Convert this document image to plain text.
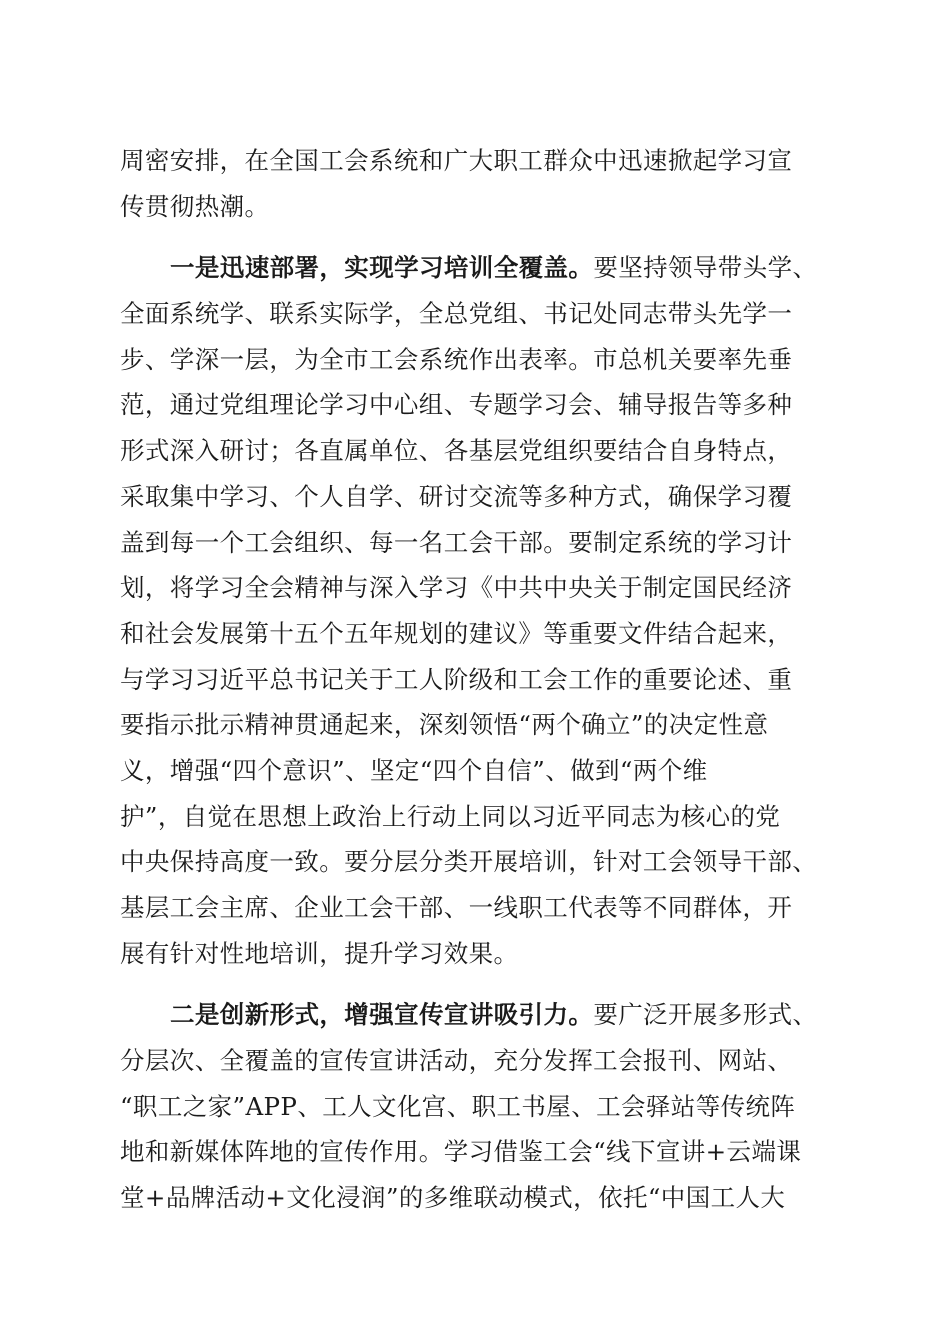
周密安排，在全国工会系统和广大职工群众中迅速掀起学习宣
传贯彻热潮。
一是迅速部署，实现学习培训全覆盖。要坚持领导带头学、
全面系统学、联系实际学，全总党组、书记处同志带头先学一
步、学深一层，为全市工会系统作出表率。市总机关要率先垂
范，通过党组理论学习中心组、专题学习会、辅导报告等多种
形式深入研讨；各直属单位、各基层党组织要结合自身特点，
采取集中学习、个人自学、研讨交流等多种方式，确保学习覆
盖到每一个工会组织、每一名工会干部。要制定系统的学习计
划，将学习全会精神与深入学习《中共中央关于制定国民经济
和社会发展第十五个五年规划的建议》等重要文件结合起来，
与学习习近平总书记关于工人阶级和工会工作的重要论述、重
要指示批示精神贯通起来，深刻领悟“两个确立”的决定性意
义，增强“四个意识”、坚定“四个自信”、做到“两个维
护”，自觉在思想上政治上行动上同以习近平同志为核心的党
中央保持高度一致。要分层分类开展培训，针对工会领导干部、
基层工会主席、企业工会干部、一线职工代表等不同群体，开
展有针对性地培训，提升学习效果。
二是创新形式，增强宣传宣讲吸引力。要广泛开展多形式、
分层次、全覆盖的宣传宣讲活动，充分发挥工会报刊、网站、
“职工之家”APP、工人文化宫、职工书屋、工会驿站等传统阵
地和新媒体阵地的宣传作用。学习借鉴工会“线下宣讲+云端课
堂+品牌活动+文化浸润”的多维联动模式，依托“中国工人大
